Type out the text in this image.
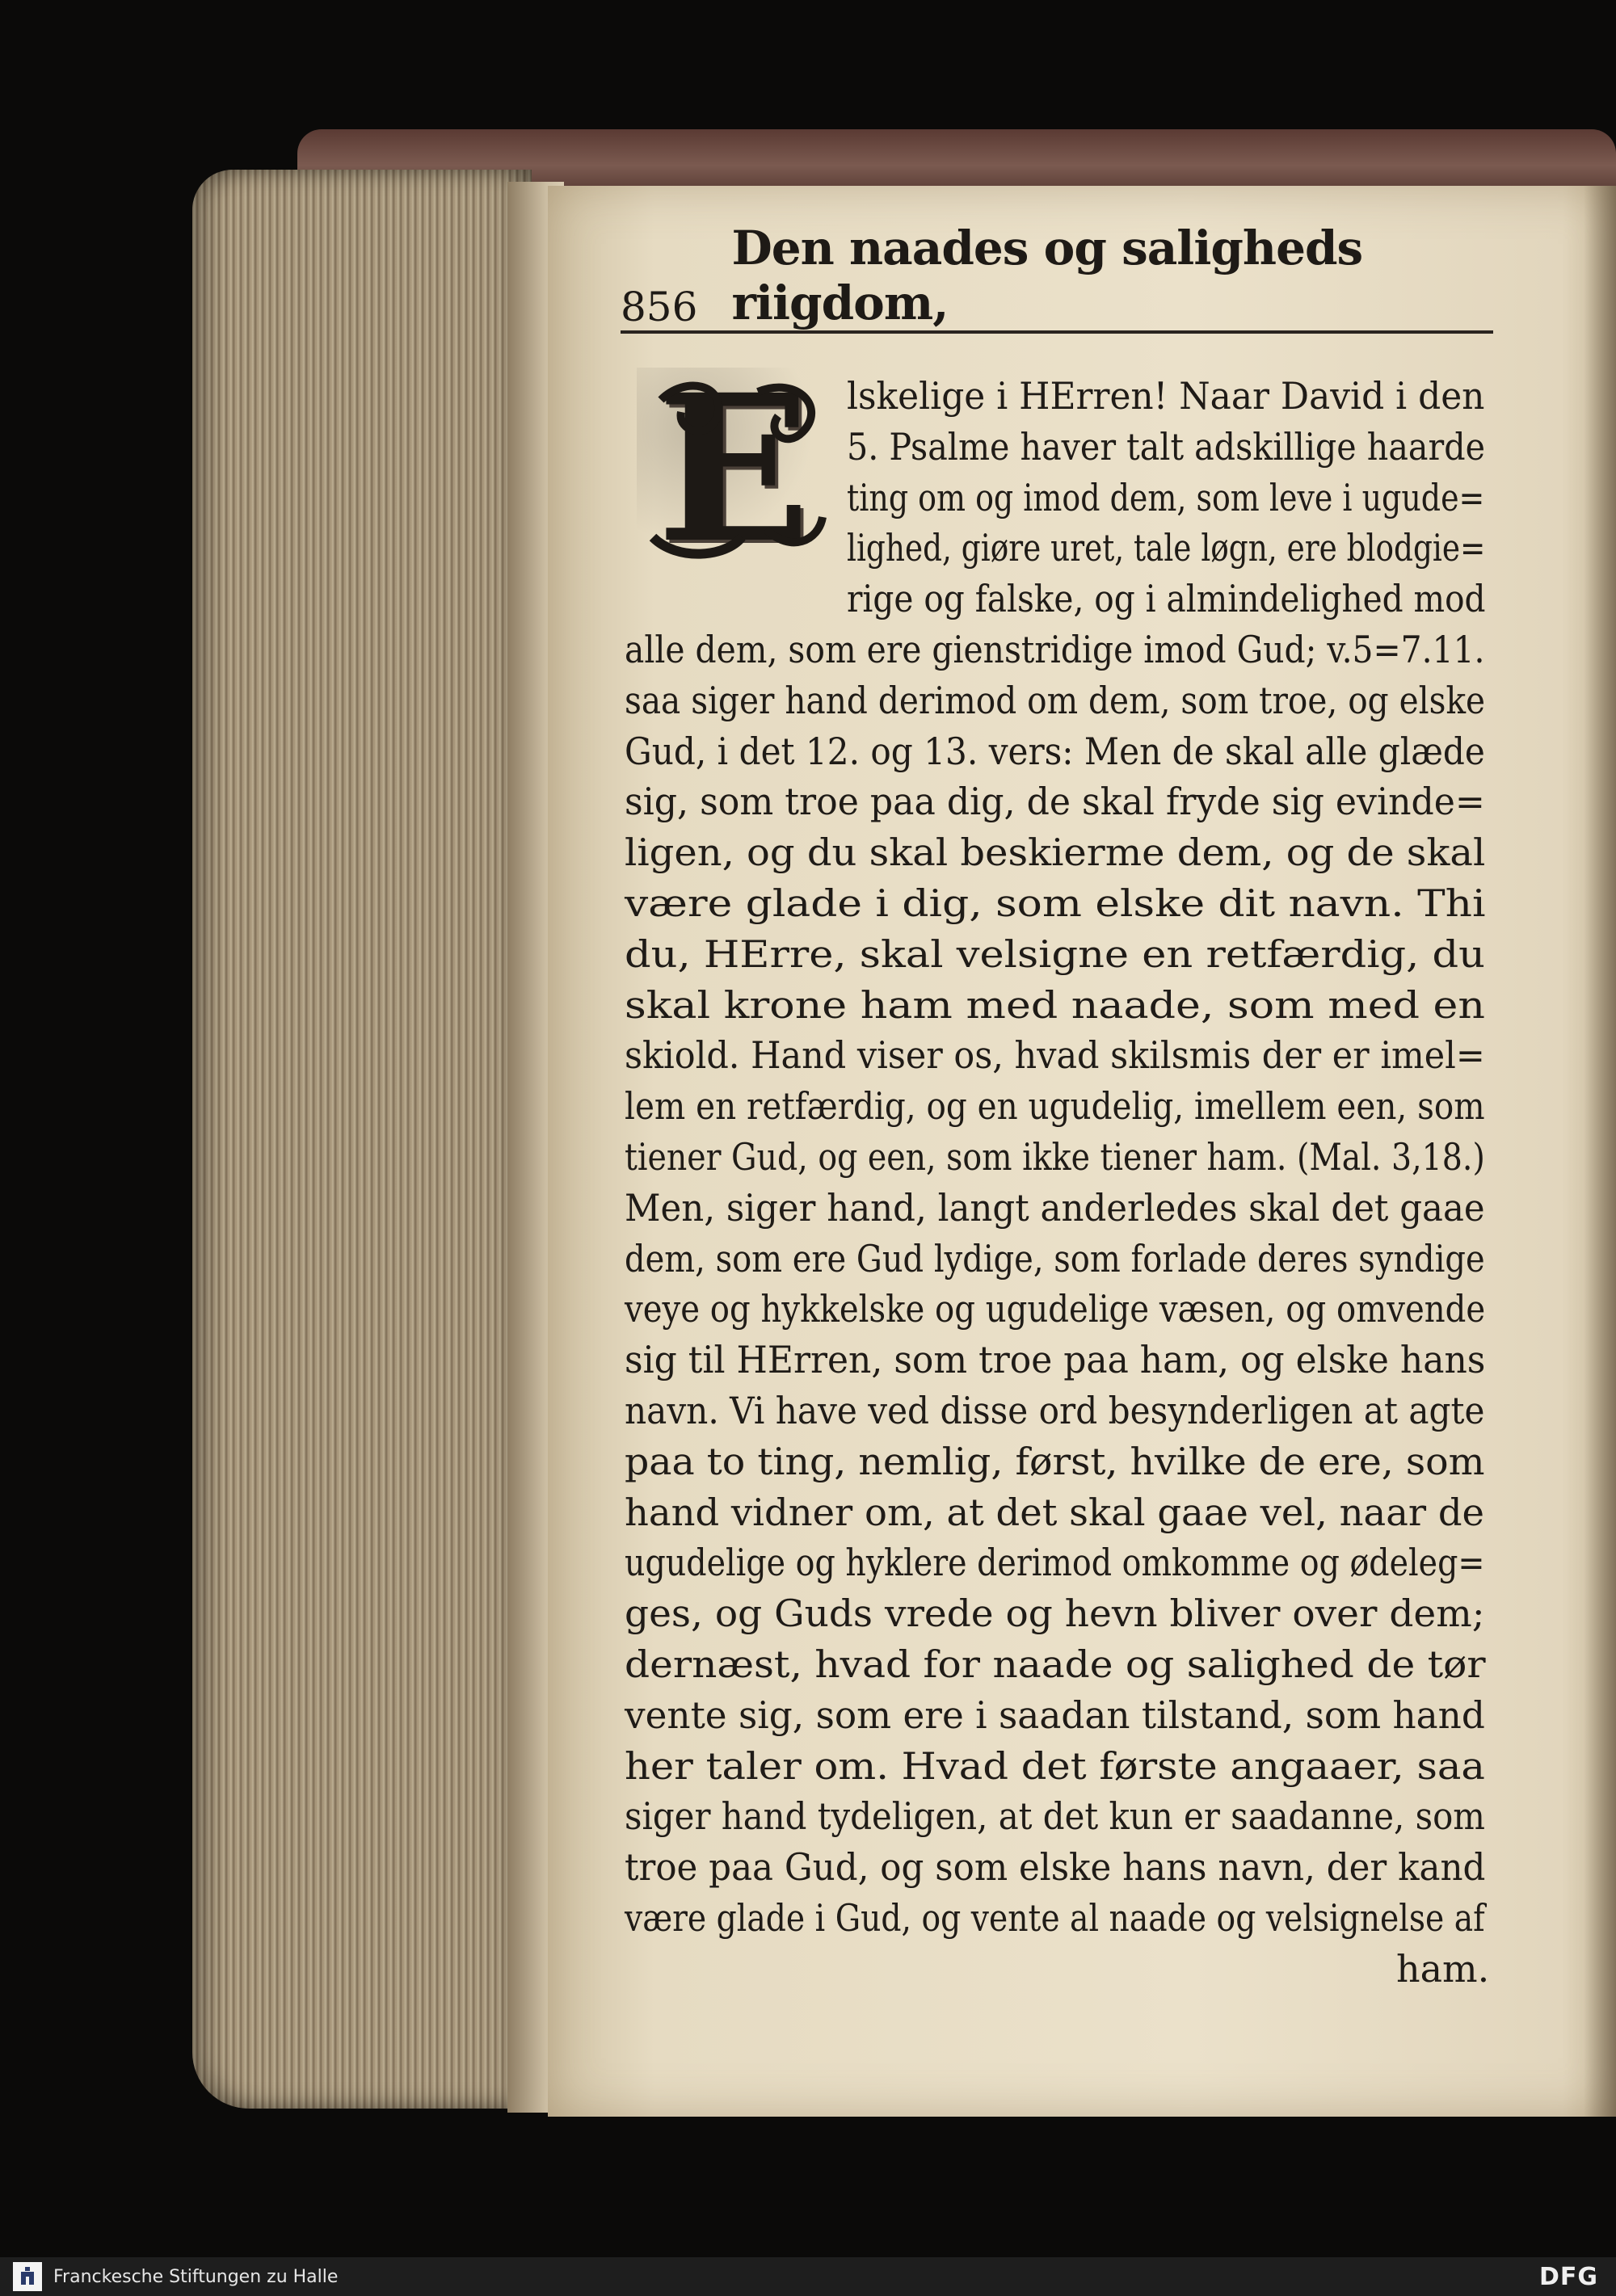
856
Den naades og saligheds riigdom,
E lskelige i HErren! Naar David i den
5. Psalme haver talt adskillige haarde
ting om og imod dem, som leve i ugude=
lighed, giøre uret, tale løgn, ere blodgie=
rige og falske, og i almindelighed mod
alle dem, som ere gienstridige imod Gud; v.5=7.11.
saa siger hand derimod om dem, som troe, og elske
Gud, i det 12. og 13. vers: Men de skal alle glæde
sig, som troe paa dig, de skal fryde sig evinde=
ligen, og du skal beskierme dem, og de skal
være glade i dig, som elske dit navn. Thi
du, HErre, skal velsigne en retfærdig, du
skal krone ham med naade, som med en
skiold. Hand viser os, hvad skilsmis der er imel=
lem en retfærdig, og en ugudelig, imellem een, som
tiener Gud, og een, som ikke tiener ham. (Mal. 3,18.)
Men, siger hand, langt anderledes skal det gaae
dem, som ere Gud lydige, som forlade deres syndige
veye og hykkelske og ugudelige væsen, og omvende
sig til HErren, som troe paa ham, og elske hans
navn. Vi have ved disse ord besynderligen at agte
paa to ting, nemlig, først, hvilke de ere, som
hand vidner om, at det skal gaae vel, naar de
ugudelige og hyklere derimod omkomme og ødeleg=
ges, og Guds vrede og hevn bliver over dem;
dernæst, hvad for naade og salighed de tør
vente sig, som ere i saadan tilstand, som hand
her taler om. Hvad det første angaaer, saa
siger hand tydeligen, at det kun er saadanne, som
troe paa Gud, og som elske hans navn, der kand
være glade i Gud, og vente al naade og velsignelse af
ham.
Franckesche Stiftungen zu Halle	DFG
